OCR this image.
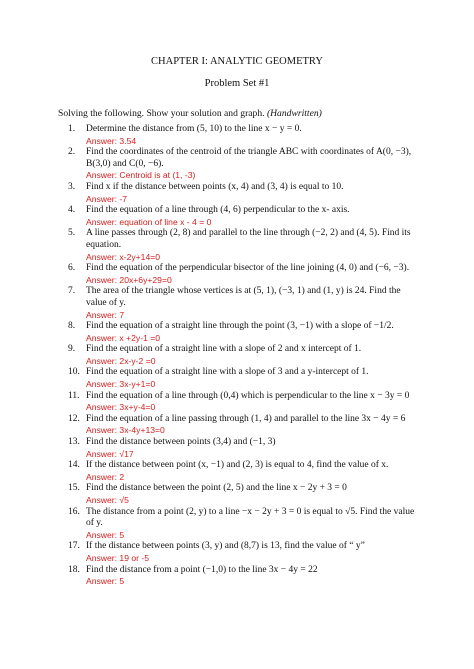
CHAPTER I: ANALYTIC GEOMETRY
Problem Set #1
Solving the following. Show your solution and graph. (Handwritten)
1. Determine the distance from (5, 10) to the line x − y = 0.
Answer: 3.54
2. Find the coordinates of the centroid of the triangle ABC with coordinates of A(0, −3), B(3,0) and C(0, −6).
Answer: Centroid is at (1, -3)
3. Find x if the distance between points (x, 4) and (3, 4) is equal to 10.
Answer: -7
4. Find the equation of a line through (4, 6) perpendicular to the x- axis.
Answer: equation of line x - 4 = 0
5. A line passes through (2, 8) and parallel to the line through (−2, 2) and (4, 5). Find its equation.
Answer: x-2y+14=0
6. Find the equation of the perpendicular bisector of the line joining (4, 0) and (−6, −3).
Answer: 20x+6y+29=0
7. The area of the triangle whose vertices is at (5, 1), (−3, 1) and (1, y) is 24. Find the value of y.
Answer: 7
8. Find the equation of a straight line through the point (3, −1) with a slope of −1/2.
Answer: x +2y-1 =0
9. Find the equation of a straight line with a slope of 2 and x intercept of 1.
Answer: 2x-y-2 =0
10. Find the equation of a straight line with a slope of 3 and a y-intercept of 1.
Answer: 3x-y+1=0
11. Find the equation of a line through (0,4) which is perpendicular to the line x − 3y = 0
Answer: 3x+y-4=0
12. Find the equation of a line passing through (1, 4) and parallel to the line 3x − 4y = 6
Answer: 3x-4y+13=0
13. Find the distance between points (3,4) and (−1, 3)
Answer: √17
14. If the distance between point (x, −1) and (2, 3) is equal to 4, find the value of x.
Answer: 2
15. Find the distance between the point (2, 5) and the line x − 2y + 3 = 0
Answer: √5
16. The distance from a point (2, y) to a line −x − 2y + 3 = 0 is equal to √5. Find the value of y.
Answer: 5
17. If the distance between points (3, y) and (8,7) is 13, find the value of “ y”
Answer: 19 or -5
18. Find the distance from a point (−1,0) to the line 3x − 4y = 22
Answer: 5
